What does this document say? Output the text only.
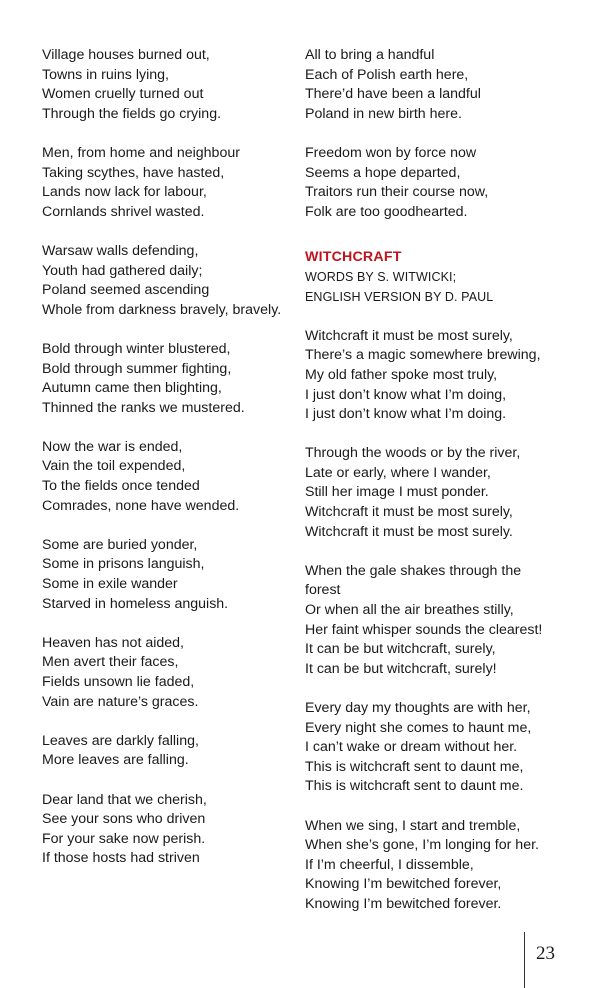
Village houses burned out,
Towns in ruins lying,
Women cruelly turned out
Through the fields go crying.
Men, from home and neighbour
Taking scythes, have hasted,
Lands now lack for labour,
Cornlands shrivel wasted.
Warsaw walls defending,
Youth had gathered daily;
Poland seemed ascending
Whole from darkness bravely, bravely.
Bold through winter blustered,
Bold through summer fighting,
Autumn came then blighting,
Thinned the ranks we mustered.
Now the war is ended,
Vain the toil expended,
To the fields once tended
Comrades, none have wended.
Some are buried yonder,
Some in prisons languish,
Some in exile wander
Starved in homeless anguish.
Heaven has not aided,
Men avert their faces,
Fields unsown lie faded,
Vain are nature’s graces.
Leaves are darkly falling,
More leaves are falling.
Dear land that we cherish,
See your sons who driven
For your sake now perish.
If those hosts had striven
All to bring a handful
Each of Polish earth here,
There’d have been a landful
Poland in new birth here.
Freedom won by force now
Seems a hope departed,
Traitors run their course now,
Folk are too goodhearted.
WITCHCRAFT
WORDS BY S. WITWICKI;
ENGLISH VERSION BY D. PAUL
Witchcraft it must be most surely,
There’s a magic somewhere brewing,
My old father spoke most truly,
I just don’t know what I’m doing,
I just don’t know what I’m doing.
Through the woods or by the river,
Late or early, where I wander,
Still her image I must ponder.
Witchcraft it must be most surely,
Witchcraft it must be most surely.
When the gale shakes through the forest
Or when all the air breathes stilly,
Her faint whisper sounds the clearest!
It can be but witchcraft, surely,
It can be but witchcraft, surely!
Every day my thoughts are with her,
Every night she comes to haunt me,
I can’t wake or dream without her.
This is witchcraft sent to daunt me,
This is witchcraft sent to daunt me.
When we sing, I start and tremble,
When she’s gone, I’m longing for her.
If I’m cheerful, I dissemble,
Knowing I’m bewitched forever,
Knowing I’m bewitched forever.
23
